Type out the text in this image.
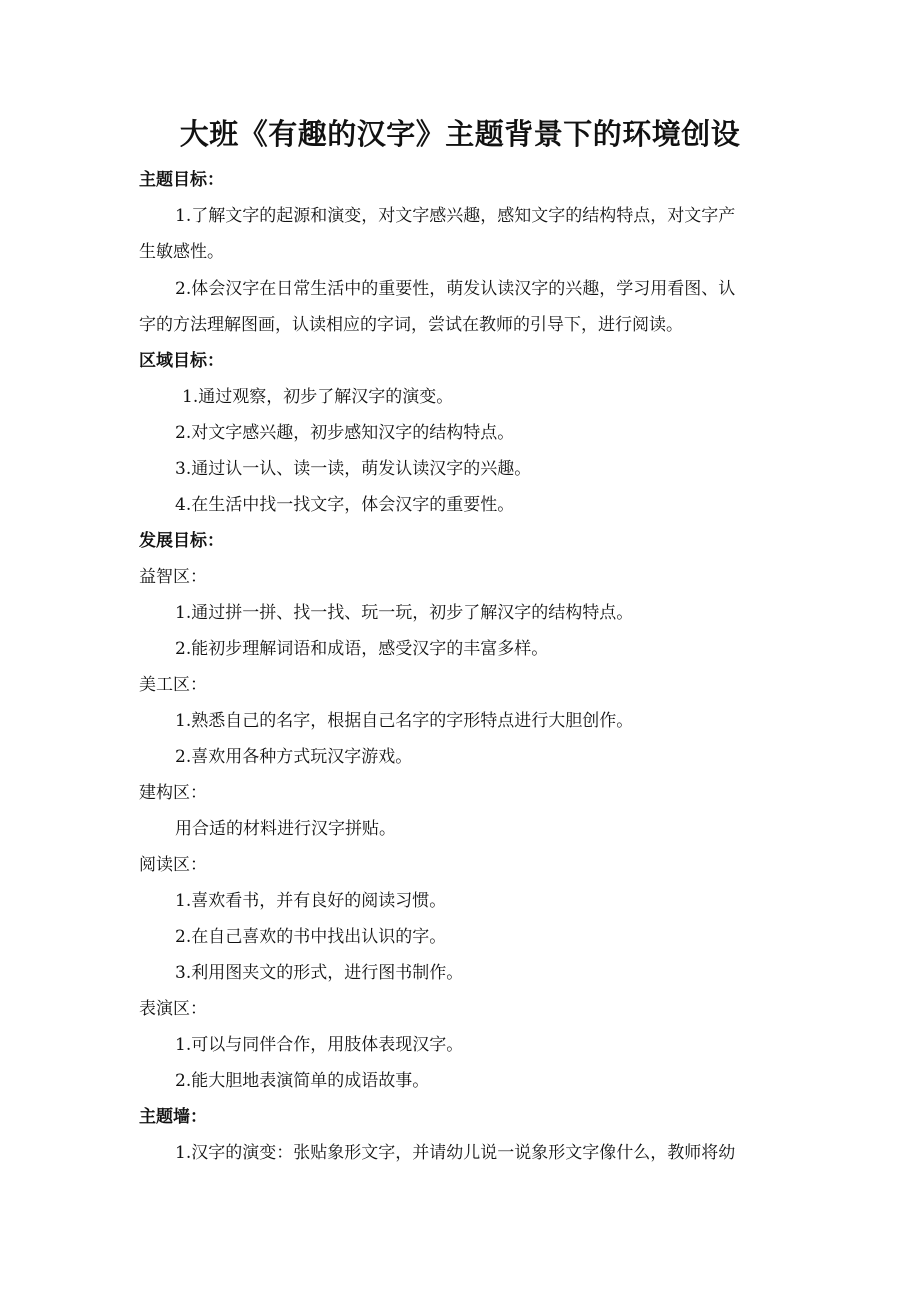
大班《有趣的汉字》主题背景下的环境创设
主题目标：
1.了解文字的起源和演变，对文字感兴趣，感知文字的结构特点，对文字产
生敏感性。
2.体会汉字在日常生活中的重要性，萌发认读汉字的兴趣，学习用看图、认
字的方法理解图画，认读相应的字词，尝试在教师的引导下，进行阅读。
区域目标：
1.通过观察，初步了解汉字的演变。
2.对文字感兴趣，初步感知汉字的结构特点。
3.通过认一认、读一读，萌发认读汉字的兴趣。
4.在生活中找一找文字，体会汉字的重要性。
发展目标：
益智区：
1.通过拼一拼、找一找、玩一玩，初步了解汉字的结构特点。
2.能初步理解词语和成语，感受汉字的丰富多样。
美工区：
1.熟悉自己的名字，根据自己名字的字形特点进行大胆创作。
2.喜欢用各种方式玩汉字游戏。
建构区：
用合适的材料进行汉字拼贴。
阅读区：
1.喜欢看书，并有良好的阅读习惯。
2.在自己喜欢的书中找出认识的字。
3.利用图夹文的形式，进行图书制作。
表演区：
1.可以与同伴合作，用肢体表现汉字。
2.能大胆地表演简单的成语故事。
主题墙：
1.汉字的演变：张贴象形文字，并请幼儿说一说象形文字像什么，教师将幼
